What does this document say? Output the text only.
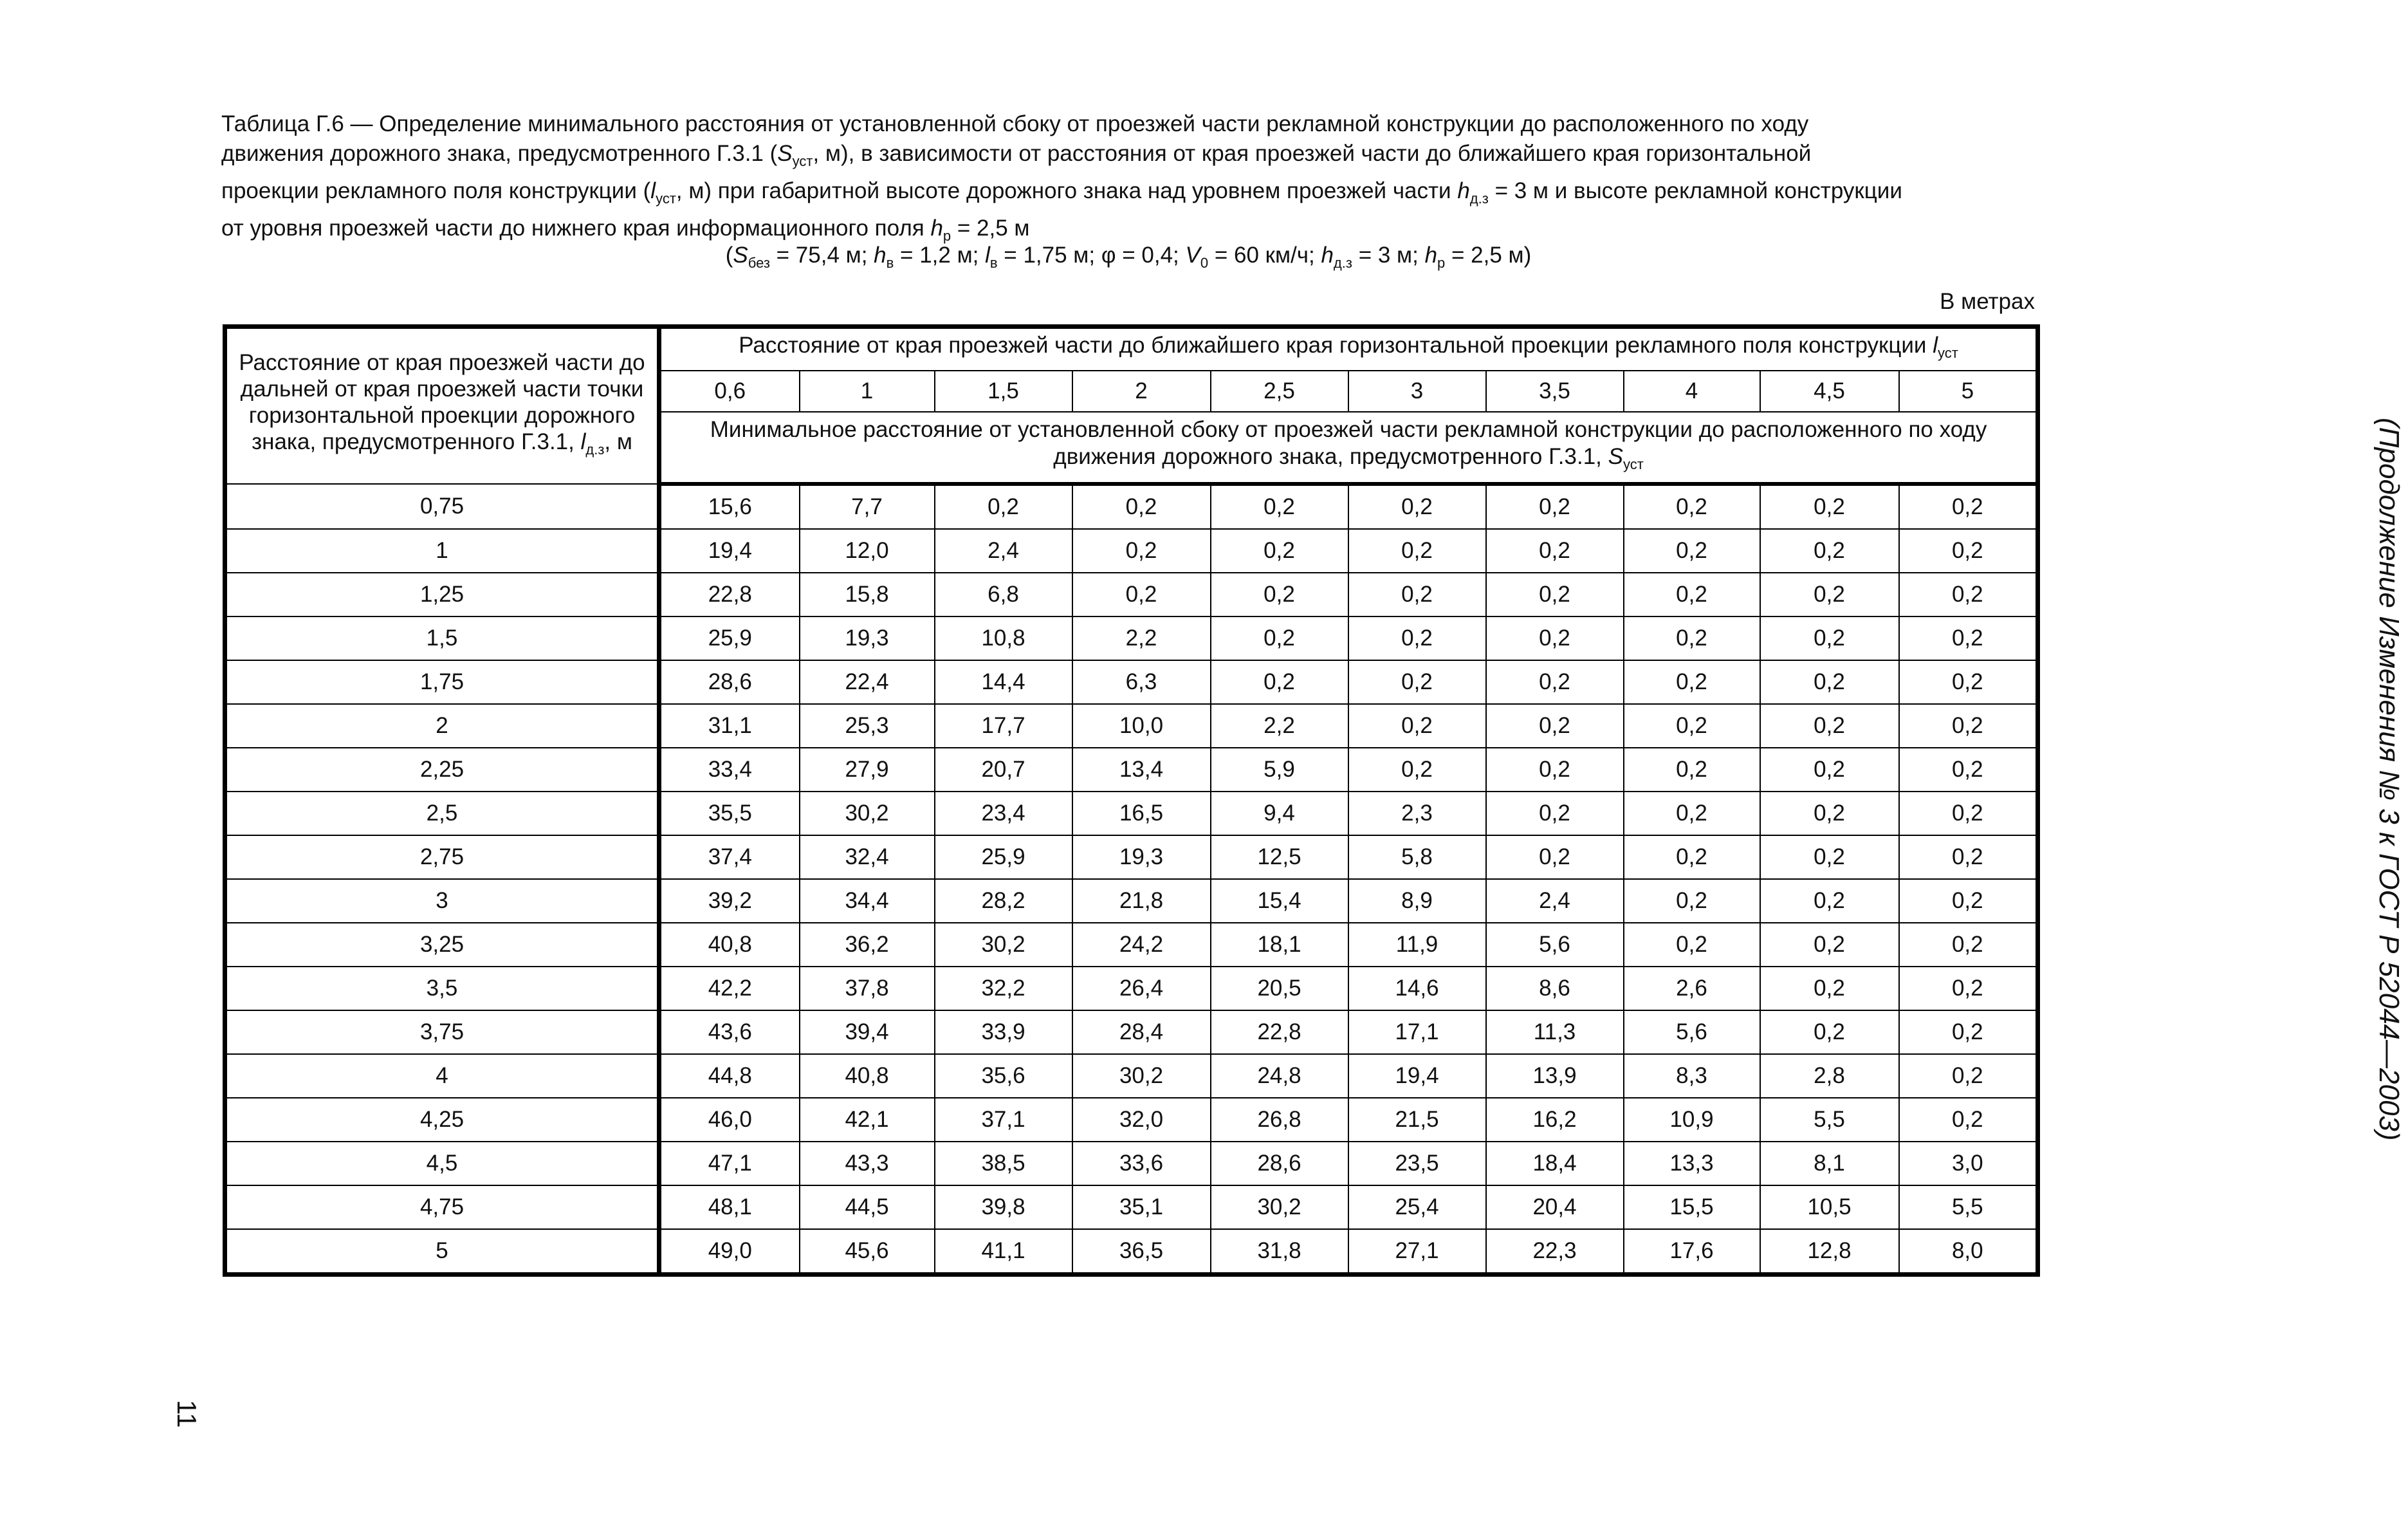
Таблица Г.6 — Определение минимального расстояния от установленной сбоку от проезжей части рекламной конструкции до расположенного по ходу
движения дорожного знака, предусмотренного Г.3.1 ($S_{уст}$, м), в зависимости от расстояния от края проезжей части до ближайшего края горизонтальной
проекции рекламного поля конструкции ($l_{уст}$, м) при габаритной высоте дорожного знака над уровнем проезжей части $h_{д.з} = 3$ м и высоте рекламной конструкции
от уровня проезжей части до нижнего края информационного поля $h_р = 2,5$ м
($S_{без} = 75,4$ м; $h_в = 1,2$ м; $l_в = 1,75$ м; φ = 0,4; $V_0 = 60$ км/ч; $h_{д.з} = 3$ м; $h_р = 2,5$ м)
В метрах
Расстояние от края проезжей части до дальней от края проезжей части точки горизонтальной проекции дорожного знака, предусмотренного Г.3.1, $l_{д.з}$, м	Расстояние от края проезжей части до ближайшего края горизонтальной проекции рекламного поля конструкции $l_{уст}$
	0,6	1	1,5	2	2,5	3	3,5	4	4,5	5
	Минимальное расстояние от установленной сбоку от проезжей части рекламной конструкции до расположенного по ходу движения дорожного знака, предусмотренного Г.3.1, $S_{уст}$
0,75	15,6	7,7	0,2	0,2	0,2	0,2	0,2	0,2	0,2	0,2
1	19,4	12,0	2,4	0,2	0,2	0,2	0,2	0,2	0,2	0,2
1,25	22,8	15,8	6,8	0,2	0,2	0,2	0,2	0,2	0,2	0,2
1,5	25,9	19,3	10,8	2,2	0,2	0,2	0,2	0,2	0,2	0,2
1,75	28,6	22,4	14,4	6,3	0,2	0,2	0,2	0,2	0,2	0,2
2	31,1	25,3	17,7	10,0	2,2	0,2	0,2	0,2	0,2	0,2
2,25	33,4	27,9	20,7	13,4	5,9	0,2	0,2	0,2	0,2	0,2
2,5	35,5	30,2	23,4	16,5	9,4	2,3	0,2	0,2	0,2	0,2
2,75	37,4	32,4	25,9	19,3	12,5	5,8	0,2	0,2	0,2	0,2
3	39,2	34,4	28,2	21,8	15,4	8,9	2,4	0,2	0,2	0,2
3,25	40,8	36,2	30,2	24,2	18,1	11,9	5,6	0,2	0,2	0,2
3,5	42,2	37,8	32,2	26,4	20,5	14,6	8,6	2,6	0,2	0,2
3,75	43,6	39,4	33,9	28,4	22,8	17,1	11,3	5,6	0,2	0,2
4	44,8	40,8	35,6	30,2	24,8	19,4	13,9	8,3	2,8	0,2
4,25	46,0	42,1	37,1	32,0	26,8	21,5	16,2	10,9	5,5	0,2
4,5	47,1	43,3	38,5	33,6	28,6	23,5	18,4	13,3	8,1	3,0
4,75	48,1	44,5	39,8	35,1	30,2	25,4	20,4	15,5	10,5	5,5
5	49,0	45,6	41,1	36,5	31,8	27,1	22,3	17,6	12,8	8,0
(Продолжение Изменения № 3 к ГОСТ Р 52044—2003)
11
